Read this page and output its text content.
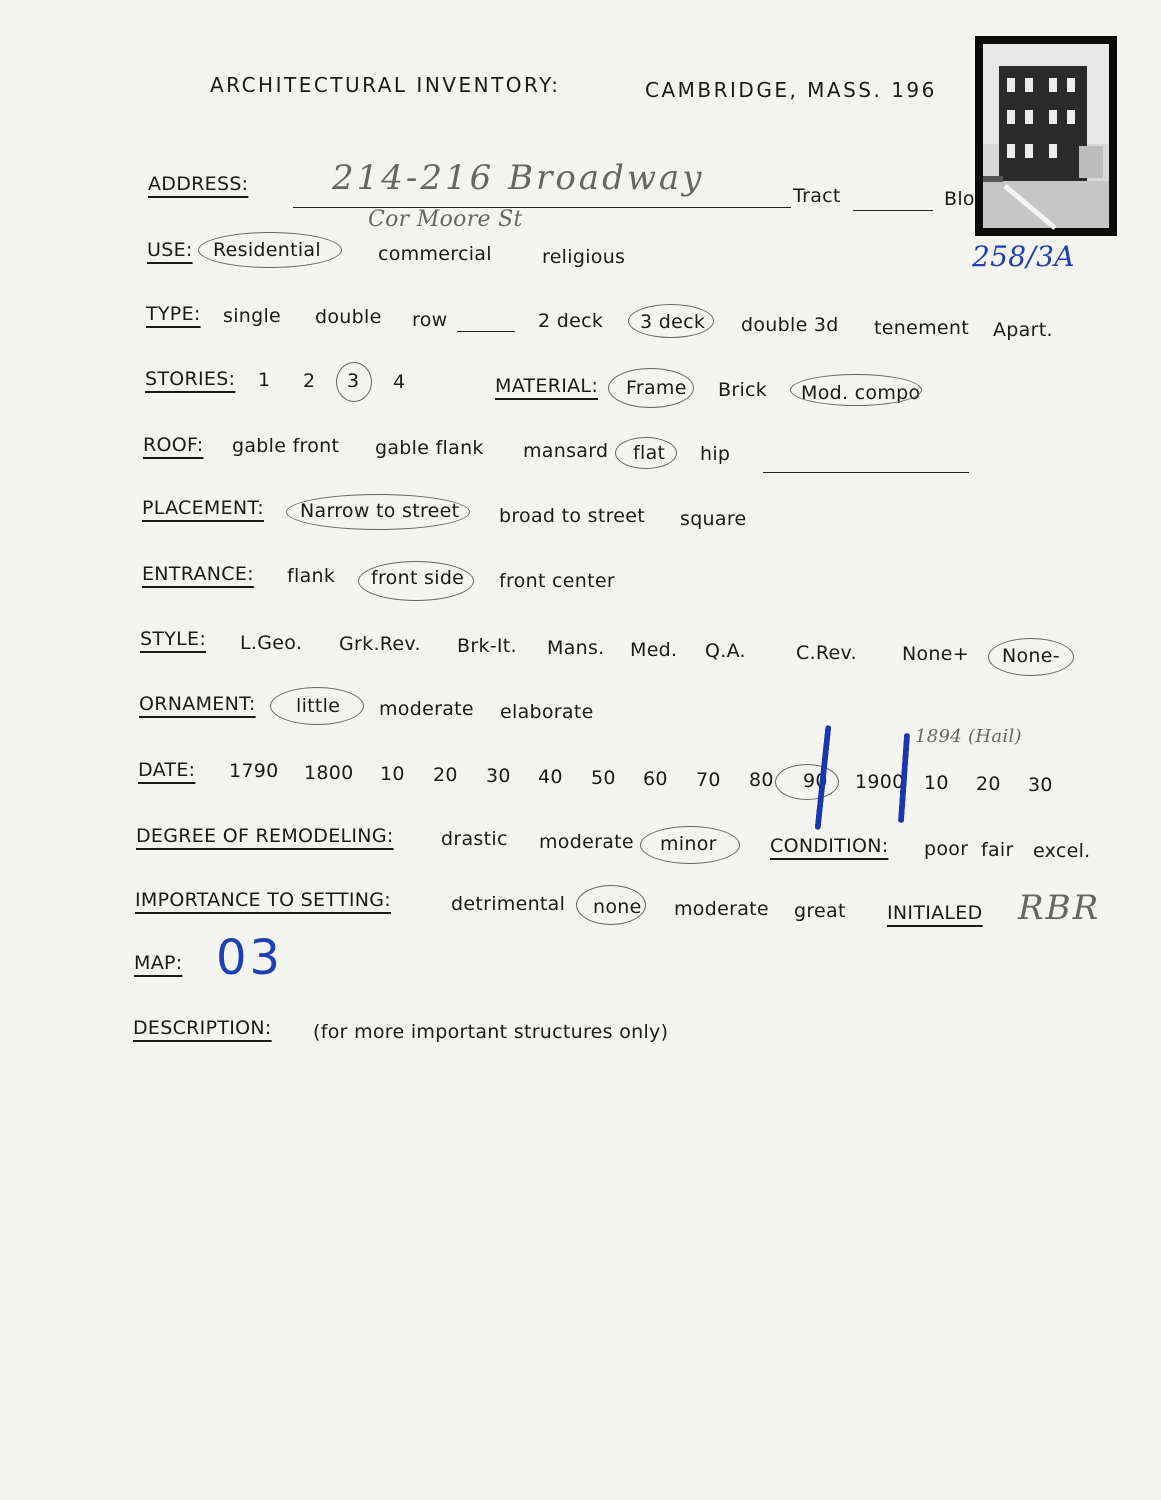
ARCHITECTURAL INVENTORY:	CAMBRIDGE, MASS. 196
ADDRESS: 214-216 Broadway
Cor Moore St
Tract	Blo
258/3A
USE: Residential	commercial	religious
TYPE: single double row	2 deck 3 deck double 3d tenement Apart.
STORIES: 1 2 3 4	MATERIAL: Frame Brick Mod. compo
ROOF: gable front gable flank mansard flat hip
PLACEMENT: Narrow to street broad to street square
ENTRANCE: flank front side front center
STYLE: L.Geo. Grk.Rev. Brk-It. Mans. Med. Q.A.	C.Rev. None+ None-
ORNAMENT: little moderate elaborate
DATE: 1790 1800 10 20 30 40 50 60 70 80 90 1900 10 20 30
1894 (Hail)
DEGREE OF REMODELING: drastic moderate minor	CONDITION: poor fair excel.
IMPORTANCE TO SETTING:	detrimental none moderate great INITIALED RBR
MAP: 03
DESCRIPTION: (for more important structures only)
